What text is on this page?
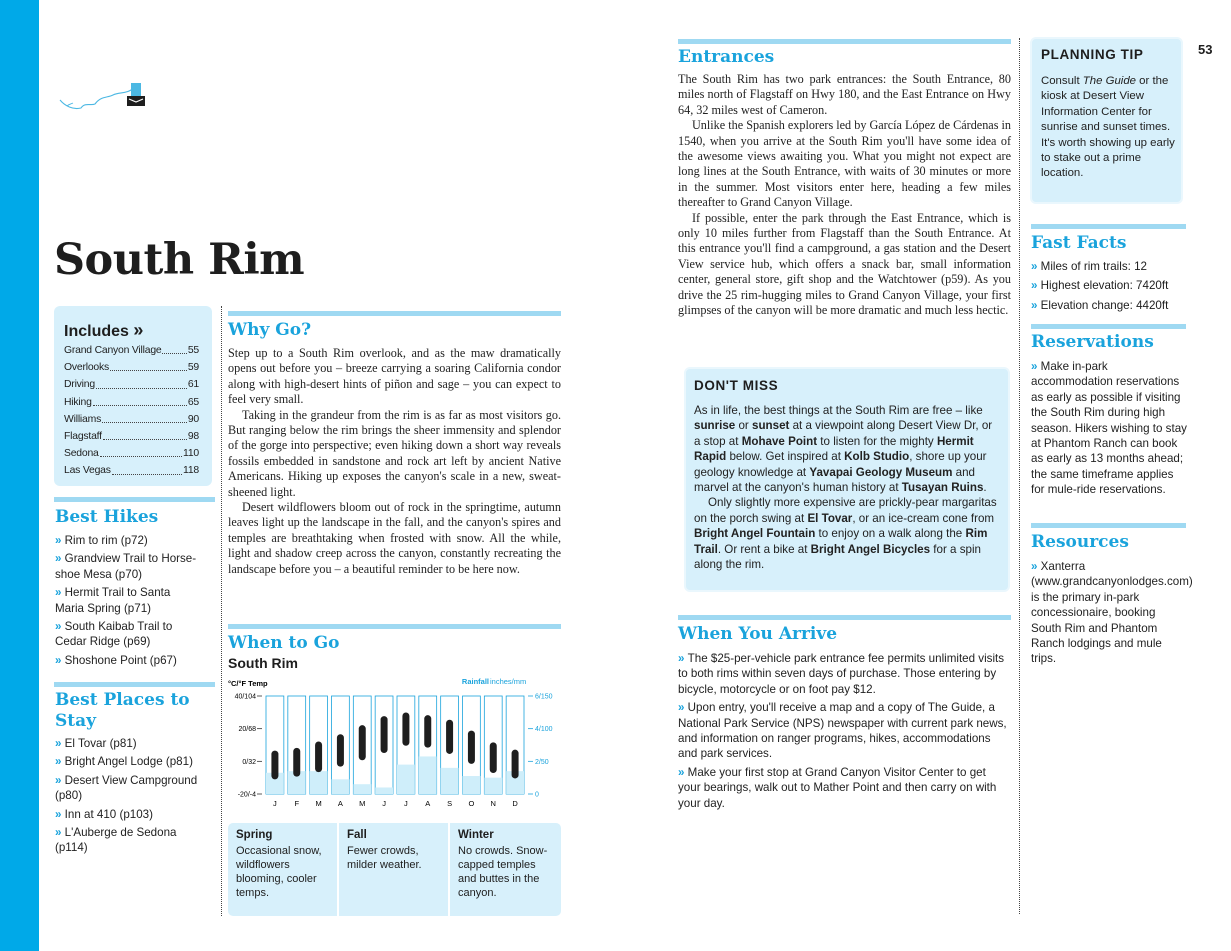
53
South Rim
Includes »
Grand Canyon Village	55
Overlooks	59
Driving	61
Hiking	65
Williams	90
Flagstaff	98
Sedona	110
Las Vegas	118
Best Hikes
» Rim to rim (p72)
» Grandview Trail to Horse-
shoe Mesa (p70)
» Hermit Trail to Santa
Maria Spring (p71)
» South Kaibab Trail to
Cedar Ridge (p69)
» Shoshone Point (p67)
Best Places to Stay
» El Tovar (p81)
» Bright Angel Lodge (p81)
» Desert View Campground
(p80)
» Inn at 410 (p103)
» L'Auberge de Sedona
(p114)
Why Go?

Step up to a South Rim overlook, and as the maw dramatically opens out before you – breeze carrying a soaring California condor along with high-desert hints of piñon and sage – you can expect to feel very small.

Taking in the grandeur from the rim is as far as most visitors go. But ranging below the rim brings the sheer immensity and splendor of the gorge into perspective; even hiking down a short way reveals fossils embedded in sandstone and rock art left by ancient Native Americans. Hiking up exposes the canyon's scale in a new, sweat-sheened light.

Desert wildflowers bloom out of rock in the springtime, autumn leaves light up the landscape in the fall, and the canyon's spires and temples are breathtaking when frosted with snow. All the while, light and shadow creep across the canyon, constantly recreating the landscape before you – a beautiful reminder to be here now.

When to Go
South Rim
°C/°F Temp	Rainfall inches/mm
40/104
20/68
0/32
-20/-4
6/150
4/100
2/50
0
J F M A M J J A S O N D
Spring
Occasional snow, wildflowers blooming, cooler temps.
Fall
Fewer crowds, milder weather.
Winter
No crowds. Snow-capped temples and buttes in the canyon.
Entrances

The South Rim has two park entrances: the South Entrance, 80 miles north of Flagstaff on Hwy 180, and the East Entrance on Hwy 64, 32 miles west of Cameron.

Unlike the Spanish explorers led by García López de Cárdenas in 1540, when you arrive at the South Rim you'll have some idea of the awesome views awaiting you. What you might not expect are long lines at the South Entrance, with waits of 30 minutes or more in the summer. Most visitors enter here, heading a few miles thereafter to Grand Canyon Village.

If possible, enter the park through the East Entrance, which is only 10 miles further from Flagstaff than the South Entrance. At this entrance you'll find a campground, a gas station and the Desert View service hub, which offers a snack bar, small information center, general store, gift shop and the Watchtower (p59). As you drive the 25 rim-hugging miles to Grand Canyon Village, your first glimpses of the canyon will be more dramatic and much less hectic.

DON'T MISS

As in life, the best things at the South Rim are free – like sunrise or sunset at a viewpoint along Desert View Dr, or a stop at Mohave Point to listen for the mighty Hermit Rapid below. Get inspired at Kolb Studio, shore up your geology knowledge at Yavapai Geology Museum and marvel at the canyon's human history at Tusayan Ruins.

Only slightly more expensive are prickly-pear margaritas on the porch swing at El Tovar, or an ice-cream cone from Bright Angel Fountain to enjoy on a walk along the Rim Trail. Or rent a bike at Bright Angel Bicycles for a spin along the rim.

When You Arrive
» The $25-per-vehicle park entrance fee permits unlimited visits to both rims within seven days of purchase. Those entering by bicycle, motorcycle or on foot pay $12.
» Upon entry, you'll receive a map and a copy of The Guide, a National Park Service (NPS) newspaper with current park news, and information on ranger programs, hikes, accommodations and park services.
» Make your first stop at Grand Canyon Visitor Center to get your bearings, walk out to Mather Point and then carry on with your day.
PLANNING TIP
Consult The Guide or the kiosk at Desert View Information Center for sunrise and sunset times. It's worth showing up early to stake out a prime location.
Fast Facts
» Miles of rim trails: 12
» Highest elevation: 7420ft
» Elevation change: 4420ft
Reservations
» Make in-park accommodation reservations as early as possible if visiting the South Rim during high season. Hikers wishing to stay at Phantom Ranch can book as early as 13 months ahead; the same timeframe applies for mule-ride reservations.
Resources
» Xanterra (www.grandcanyonlodges.com) is the primary in-park concessionaire, booking South Rim and Phantom Ranch lodgings and mule trips.
